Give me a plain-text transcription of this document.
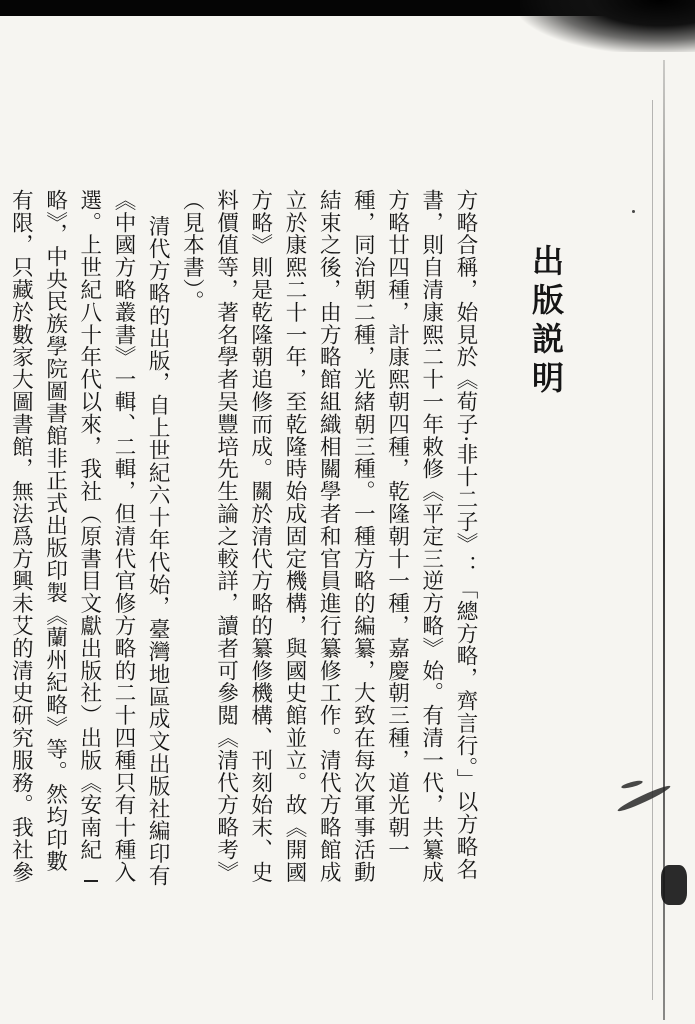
出版説明

方略合稱，始見於《荀子·非十二子》：「總方略，齊言行。」以方略名書，則自清康熙二十一年敕修《平定三逆方略》始。有清一代，共纂成方略廿四種，計康熙朝四種，乾隆朝十一種，嘉慶朝三種，道光朝一種，同治朝二種，光緒朝三種。一種方略的編纂，大致在每次軍事活動結束之後，由方略館組織相關學者和官員進行纂修工作。清代方略館成立於康熙二十一年，至乾隆時始成固定機構，與國史館並立。故《開國方略》則是乾隆朝追修而成。關於清代方略的纂修機構、刊刻始末、史料價值等，著名學者吴豐培先生論之較詳，讀者可參閲《清代方略考》（見本書）。

清代方略的出版，自上世紀六十年代始，臺灣地區成文出版社編印有《中國方略叢書》一輯、二輯，但清代官修方略的二十四種只有十種入選。上世紀八十年代以來，我社（原書目文獻出版社）出版《安南紀略》，中央民族學院圖書館非正式出版印製《蘭州紀略》等。然均印數有限，只藏於數家大圖書館，無法爲方興未艾的清史研究服務。我社參
